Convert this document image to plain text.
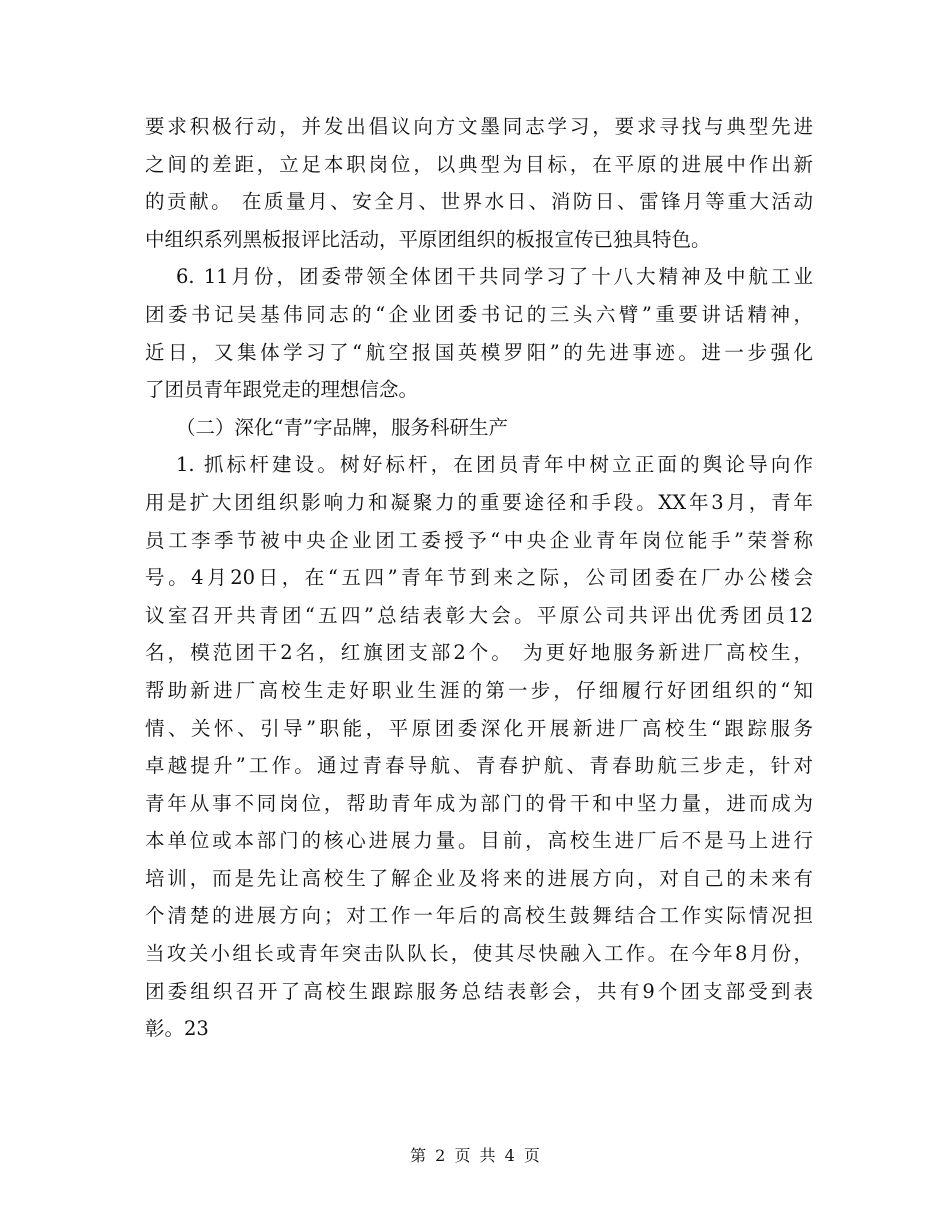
要求积极行动，并发出倡议向方文墨同志学习，要求寻找与典型先进
之间的差距，立足本职岗位，以典型为目标，在平原的进展中作出新
的贡献。 在质量月、安全月、世界水日、消防日、雷锋月等重大活动
中组织系列黑板报评比活动，平原团组织的板报宣传已独具特色。
6. 11月份，团委带领全体团干共同学习了十八大精神及中航工业
团委书记吴基伟同志的“企业团委书记的三头六臂”重要讲话精神，
近日，又集体学习了“航空报国英模罗阳”的先进事迹。进一步强化
了团员青年跟党走的理想信念。
（二）深化“青”字品牌，服务科研生产
1. 抓标杆建设。树好标杆，在团员青年中树立正面的舆论导向作
用是扩大团组织影响力和凝聚力的重要途径和手段。XX年3月，青年
员工李季节被中央企业团工委授予“中央企业青年岗位能手”荣誉称
号。4月20日，在“五四”青年节到来之际，公司团委在厂办公楼会
议室召开共青团“五四”总结表彰大会。平原公司共评出优秀团员12
名，模范团干2名，红旗团支部2个。 为更好地服务新进厂高校生，
帮助新进厂高校生走好职业生涯的第一步，仔细履行好团组织的“知
情、关怀、引导”职能，平原团委深化开展新进厂高校生“跟踪服务
卓越提升”工作。通过青春导航、青春护航、青春助航三步走，针对
青年从事不同岗位，帮助青年成为部门的骨干和中坚力量，进而成为
本单位或本部门的核心进展力量。目前，高校生进厂后不是马上进行
培训，而是先让高校生了解企业及将来的进展方向，对自己的未来有
个清楚的进展方向；对工作一年后的高校生鼓舞结合工作实际情况担
当攻关小组长或青年突击队队长，使其尽快融入工作。在今年8月份，
团委组织召开了高校生跟踪服务总结表彰会，共有9个团支部受到表
彰。23
第 2 页 共 4 页
